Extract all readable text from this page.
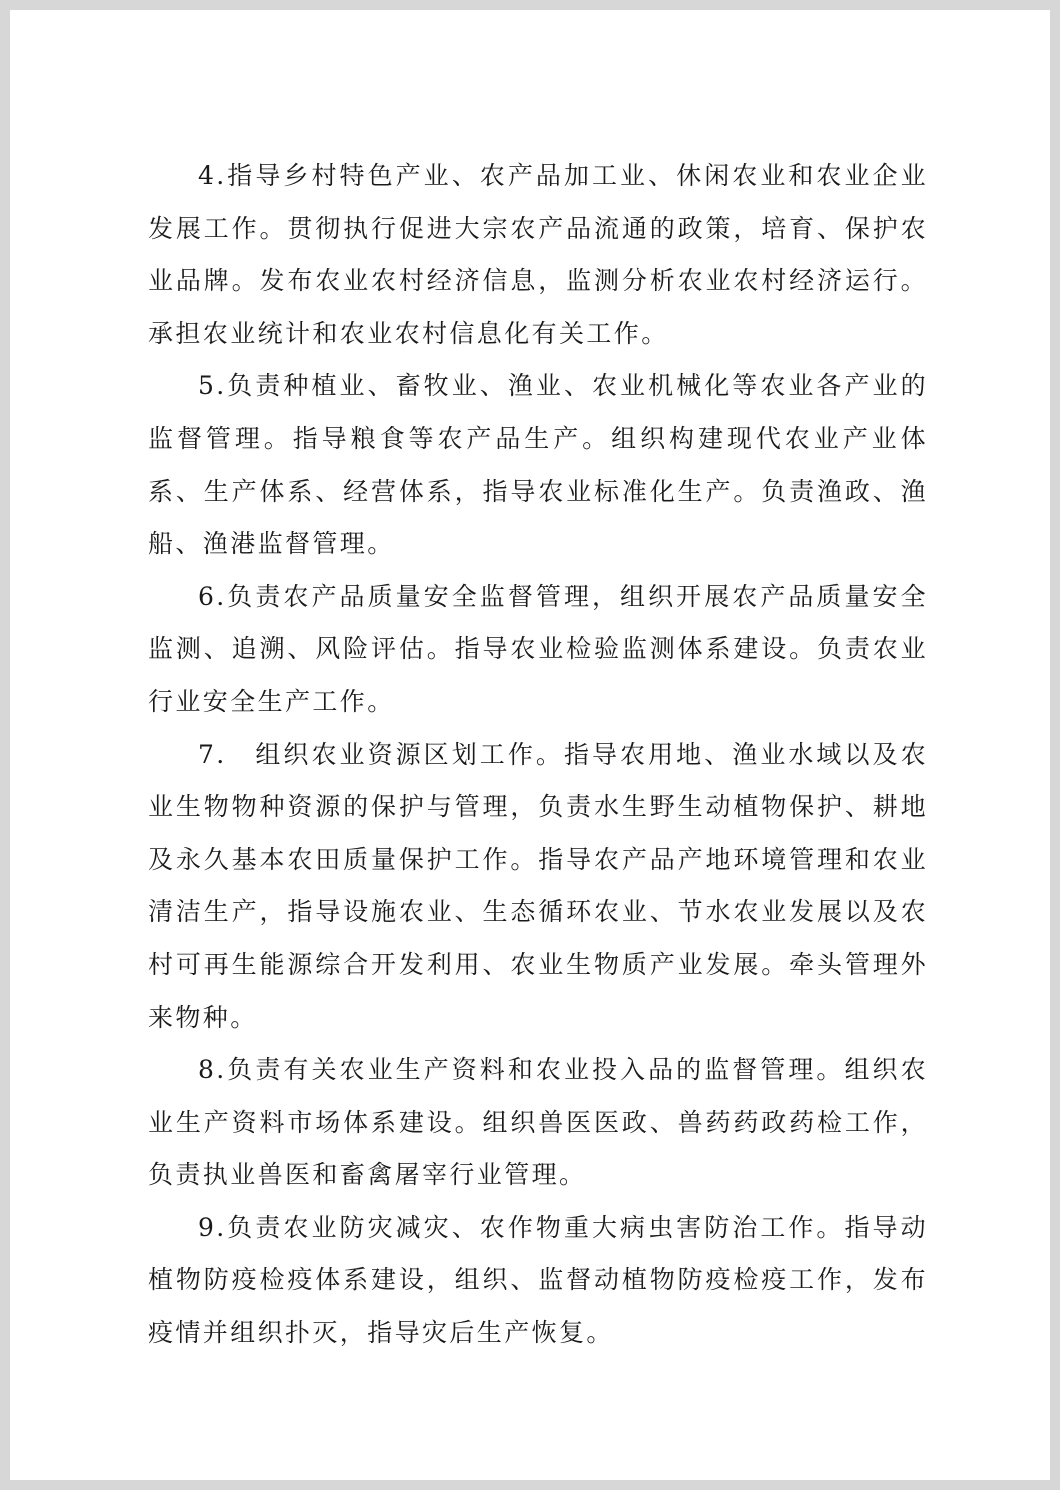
4.指导乡村特色产业、农产品加工业、休闲农业和农业企业发展工作。贯彻执行促进大宗农产品流通的政策，培育、保护农业品牌。发布农业农村经济信息，监测分析农业农村经济运行。承担农业统计和农业农村信息化有关工作。

5.负责种植业、畜牧业、渔业、农业机械化等农业各产业的监督管理。指导粮食等农产品生产。组织构建现代农业产业体系、生产体系、经营体系，指导农业标准化生产。负责渔政、渔船、渔港监督管理。

6.负责农产品质量安全监督管理，组织开展农产品质量安全监测、追溯、风险评估。指导农业检验监测体系建设。负责农业行业安全生产工作。

7.　组织农业资源区划工作。指导农用地、渔业水域以及农业生物物种资源的保护与管理，负责水生野生动植物保护、耕地及永久基本农田质量保护工作。指导农产品产地环境管理和农业清洁生产，指导设施农业、生态循环农业、节水农业发展以及农村可再生能源综合开发利用、农业生物质产业发展。牵头管理外来物种。

8.负责有关农业生产资料和农业投入品的监督管理。组织农业生产资料市场体系建设。组织兽医医政、兽药药政药检工作，负责执业兽医和畜禽屠宰行业管理。

9.负责农业防灾减灾、农作物重大病虫害防治工作。指导动植物防疫检疫体系建设，组织、监督动植物防疫检疫工作，发布疫情并组织扑灭，指导灾后生产恢复。
